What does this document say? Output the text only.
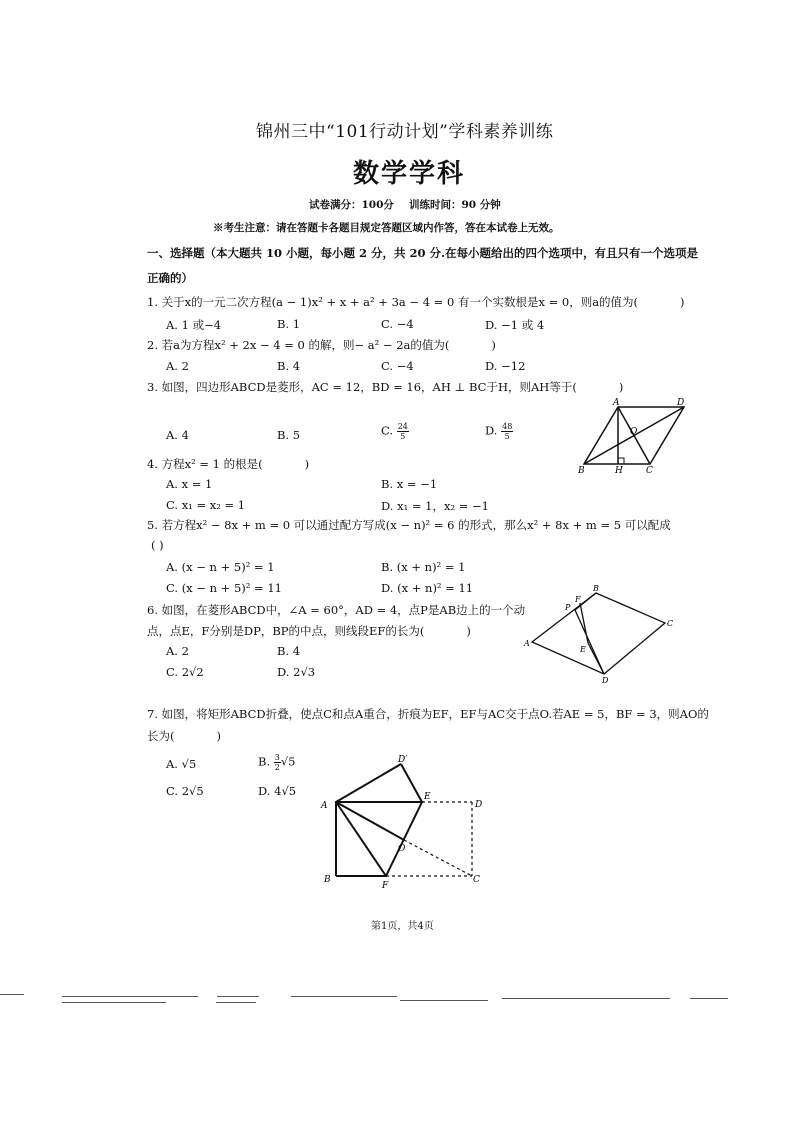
锦州三中“101行动计划”学科素养训练
数学学科
试卷满分：100分 训练时间：90 分钟
※考生注意：请在答题卡各题目规定答题区域内作答，答在本试卷上无效。
一、选择题（本大题共 10 小题，每小题 2 分，共 20 分.在每小题给出的四个选项中，有且只有一个选项是
正确的）
1. 关于x的一元二次方程(a − 1)x² + x + a² + 3a − 4 = 0 有一个实数根是x = 0，则a的值为(	)
A. 1 或−4	B. 1	C. −4	D. −1 或 4
2. 若a为方程x² + 2x − 4 = 0 的解，则− a² − 2a的值为(	)
A. 2	B. 4	C. −4	D. −12
3. 如图，四边形ABCD是菱形，AC = 12，BD = 16，AH ⊥ BC于H，则AH等于(	)
A. 4	B. 5	C. $\frac{24}{5}$	D. $\frac{48}{5}$
A	D
O
B	H	C
4. 方程x² = 1 的根是(	)
A. x = 1	B. x = −1
C. x₁ = x₂ = 1	D. x₁ = 1，x₂ = −1
5. 若方程x² − 8x + m = 0 可以通过配方写成(x − n)² = 6 的形式，那么x² + 8x + m = 5 可以配成
( )
A. (x − n + 5)² = 1	B. (x + n)² = 1
C. (x − n + 5)² = 11	D. (x + n)² = 11
6. 如图，在菱形ABCD中，∠A = 60°，AD = 4，点P是AB边上的一个动
点，点E，F分别是DP，BP的中点，则线段EF的长为(	)
A. 2	B. 4
C. 2√2	D. 2√3
A
B
C
D
P
F
E
7. 如图，将矩形ABCD折叠，使点C和点A重合，折痕为EF，EF与AC交于点O.若AE = 5，BF = 3，则AO的
长为(	)
A. √5	B. $\frac{3}{2} √5$
C. 2√5	D. 4√5
D′
A
E
D
O
B
F
C
第1页，共4页
